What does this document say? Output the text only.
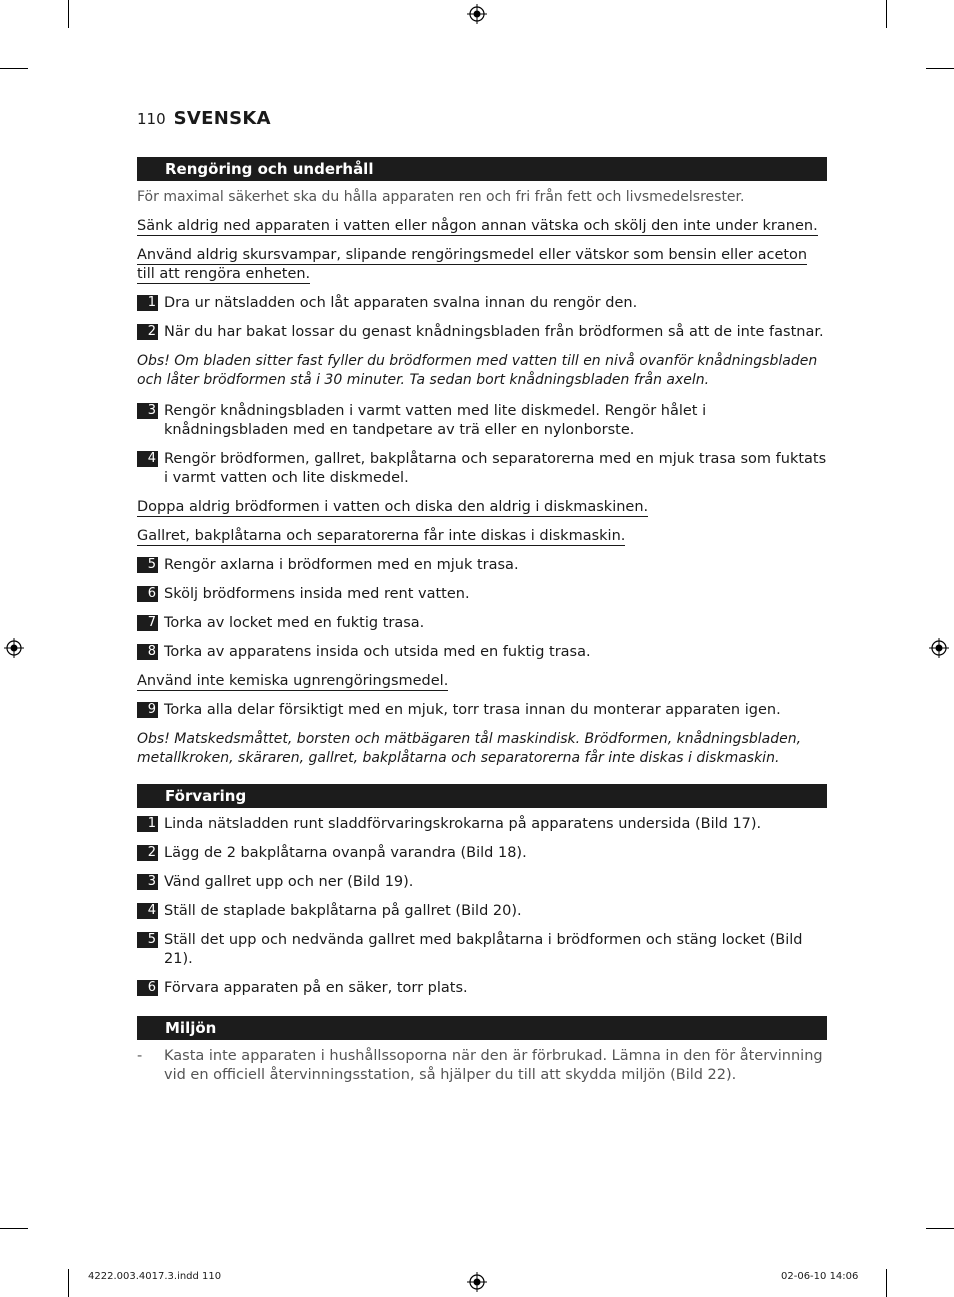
110 SVENSKA
Rengöring och underhåll

För maximal säkerhet ska du hålla apparaten ren och fri från fett och livsmedelsrester.

Sänk aldrig ned apparaten i vatten eller någon annan vätska och skölj den inte under kranen.

Använd aldrig skursvampar, slipande rengöringsmedel eller vätskor som bensin eller aceton till att rengöra enheten.

1 Dra ur nätsladden och låt apparaten svalna innan du rengör den.
2 När du har bakat lossar du genast knådningsbladen från brödformen så att de inte fastnar.

Obs! Om bladen sitter fast fyller du brödformen med vatten till en nivå ovanför knådningsbladen och låter brödformen stå i 30 minuter. Ta sedan bort knådningsbladen från axeln.

3 Rengör knådningsbladen i varmt vatten med lite diskmedel. Rengör hålet i knådningsbladen med en tandpetare av trä eller en nylonborste.
4 Rengör brödformen, gallret, bakplåtarna och separatorerna med en mjuk trasa som fuktats i varmt vatten och lite diskmedel.

Doppa aldrig brödformen i vatten och diska den aldrig i diskmaskinen.

Gallret, bakplåtarna och separatorerna får inte diskas i diskmaskin.

5 Rengör axlarna i brödformen med en mjuk trasa.
6 Skölj brödformens insida med rent vatten.
7 Torka av locket med en fuktig trasa.
8 Torka av apparatens insida och utsida med en fuktig trasa.

Använd inte kemiska ugnrengöringsmedel.

9 Torka alla delar försiktigt med en mjuk, torr trasa innan du monterar apparaten igen.

Obs! Matskedsmåttet, borsten och mätbägaren tål maskindisk. Brödformen, knådningsbladen, metallkroken, skäraren, gallret, bakplåtarna och separatorerna får inte diskas i diskmaskin.

Förvaring
1 Linda nätsladden runt sladdförvaringskrokarna på apparatens undersida (Bild 17).
2 Lägg de 2 bakplåtarna ovanpå varandra (Bild 18).
3 Vänd gallret upp och ner (Bild 19).
4 Ställ de staplade bakplåtarna på gallret (Bild 20).
5 Ställ det upp och nedvända gallret med bakplåtarna i brödformen och stäng locket (Bild 21).
6 Förvara apparaten på en säker, torr plats.
Miljön
-	Kasta inte apparaten i hushållssoporna när den är förbrukad. Lämna in den för återvinning vid en officiell återvinningsstation, så hjälper du till att skydda miljön (Bild 22).
4222.003.4017.3.indd 110	02-06-10 14:06
